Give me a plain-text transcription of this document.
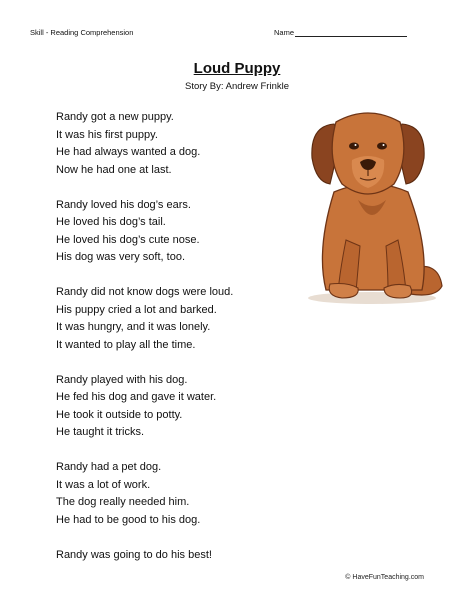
Skill - Reading Comprehension	Name
Loud Puppy
Story By: Andrew Frinkle
Randy got a new puppy.
It was his first puppy.
He had always wanted a dog.
Now he had one at last.
Randy loved his dog’s ears.
He loved his dog’s tail.
He loved his dog’s cute nose.
His dog was very soft, too.
Randy did not know dogs were loud.
His puppy cried a lot and barked.
It was hungry, and it was lonely.
It wanted to play all the time.
Randy played with his dog.
He fed his dog and gave it water.
He took it outside to potty.
He taught it tricks.
Randy had a pet dog.
It was a lot of work.
The dog really needed him.
He had to be good to his dog.
Randy was going to do his best!
© HaveFunTeaching.com
